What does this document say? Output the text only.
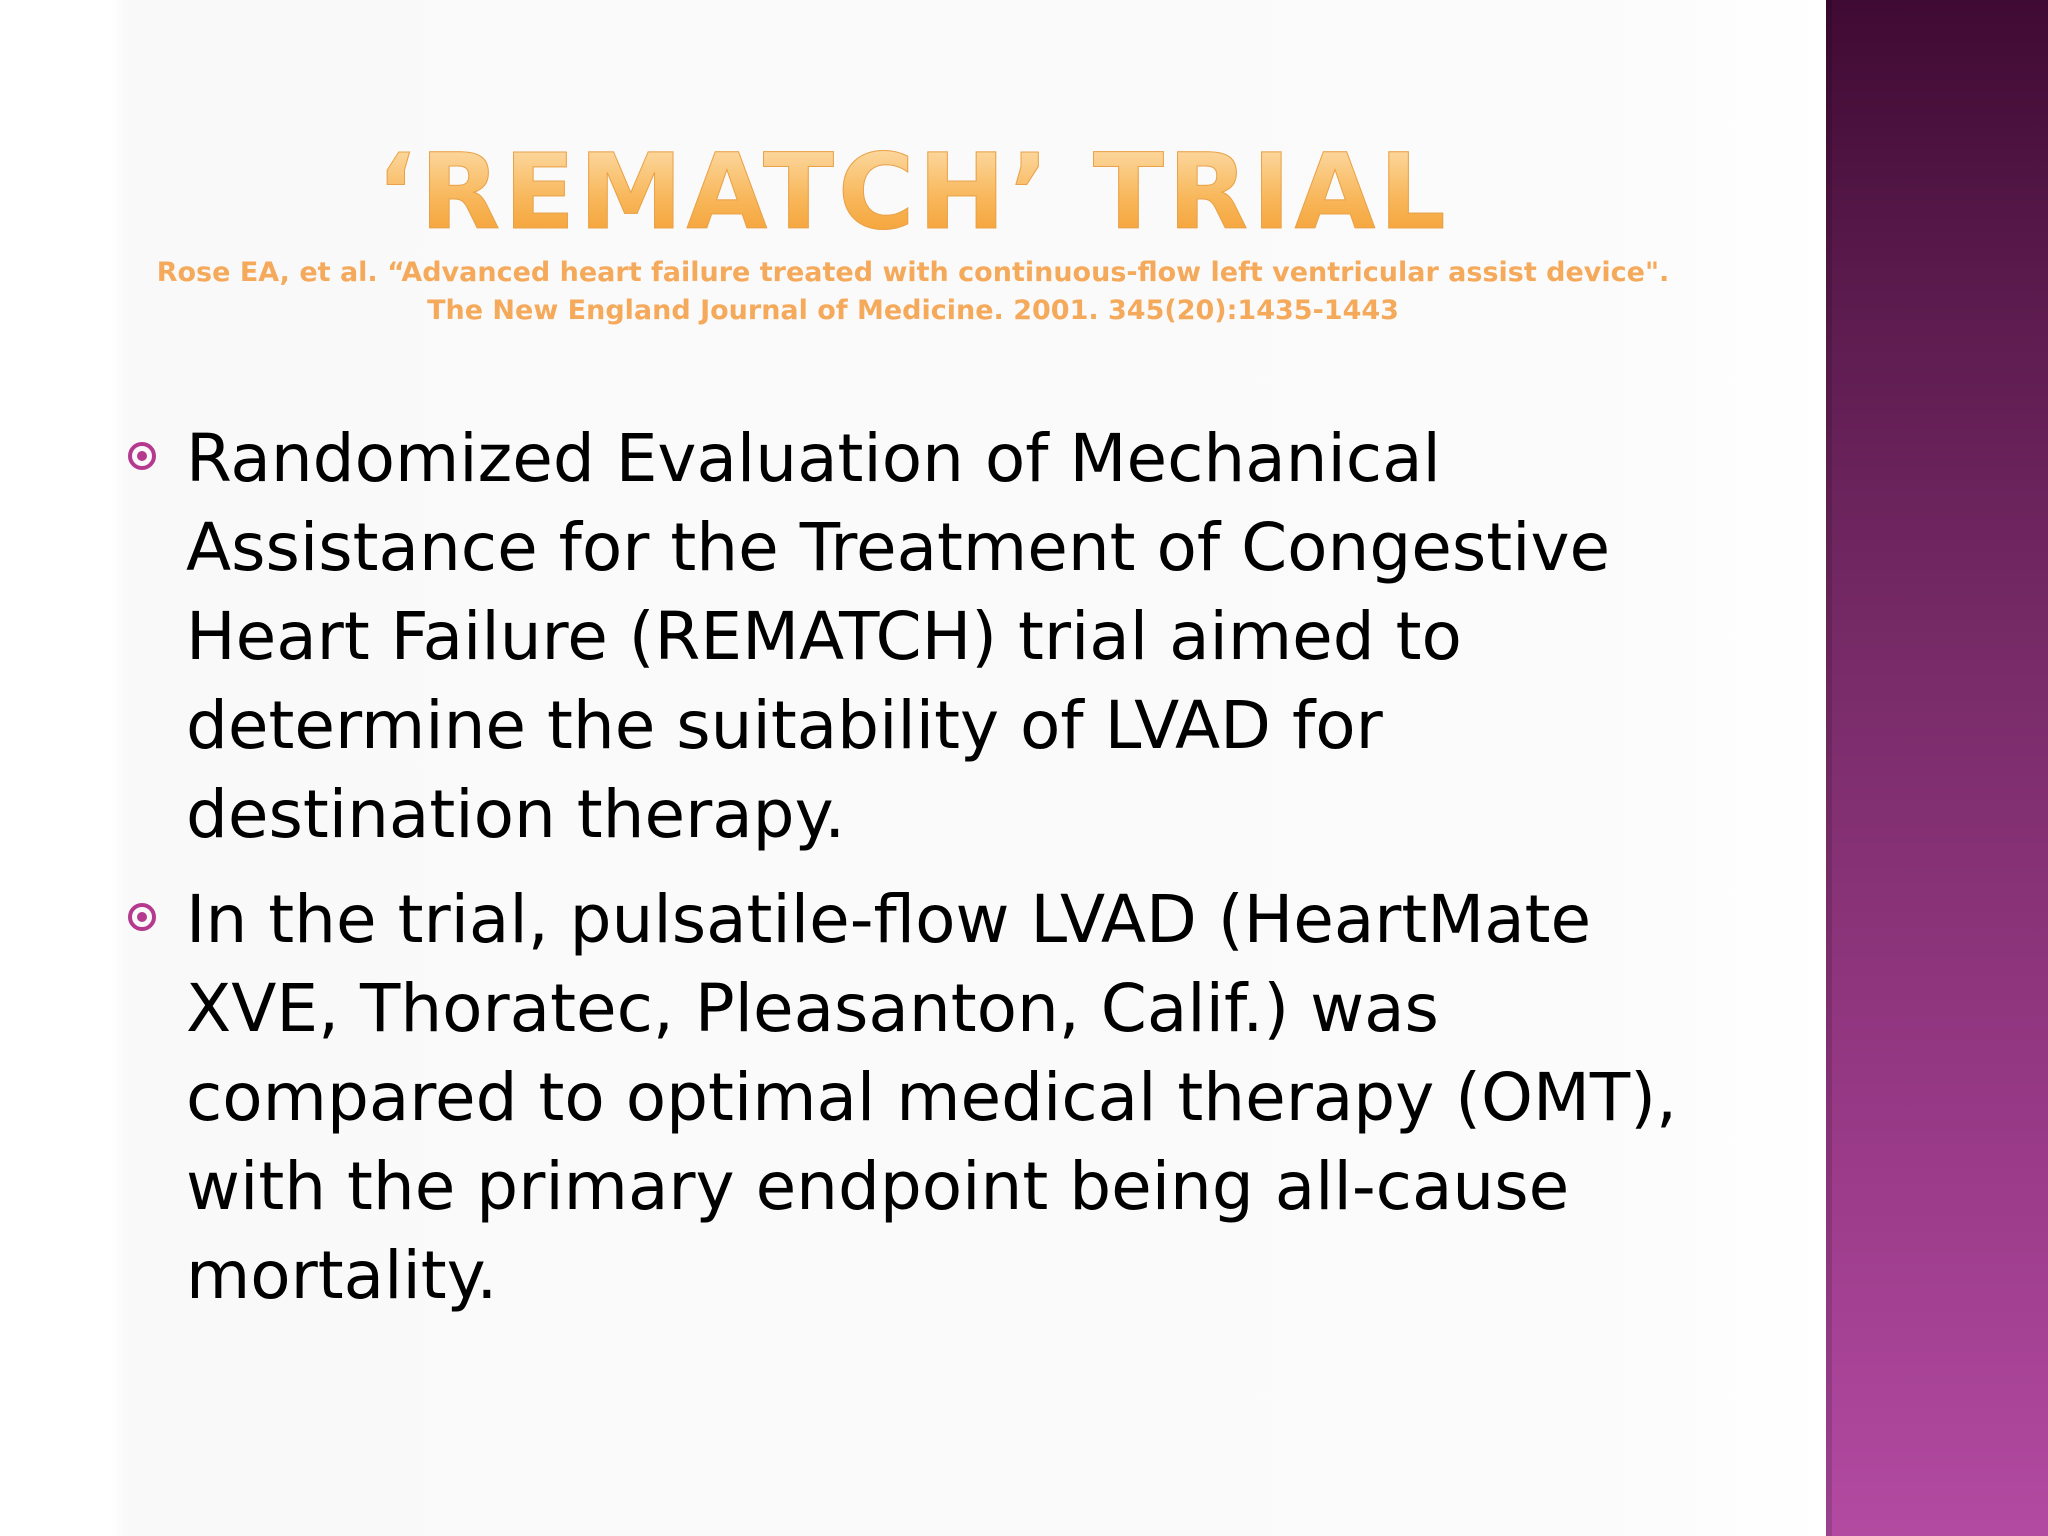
‘REMATCH’ TRIAL
Rose EA, et al. “Advanced heart failure treated with continuous-flow left ventricular assist device". The New England Journal of Medicine. 2001. 345(20):1435-1443

Randomized Evaluation of Mechanical Assistance for the Treatment of Congestive Heart Failure (REMATCH) trial aimed to determine the suitability of LVAD for destination therapy.

In the trial, pulsatile-flow LVAD (HeartMate XVE, Thoratec, Pleasanton, Calif.) was compared to optimal medical therapy (OMT), with the primary endpoint being all-cause mortality.
